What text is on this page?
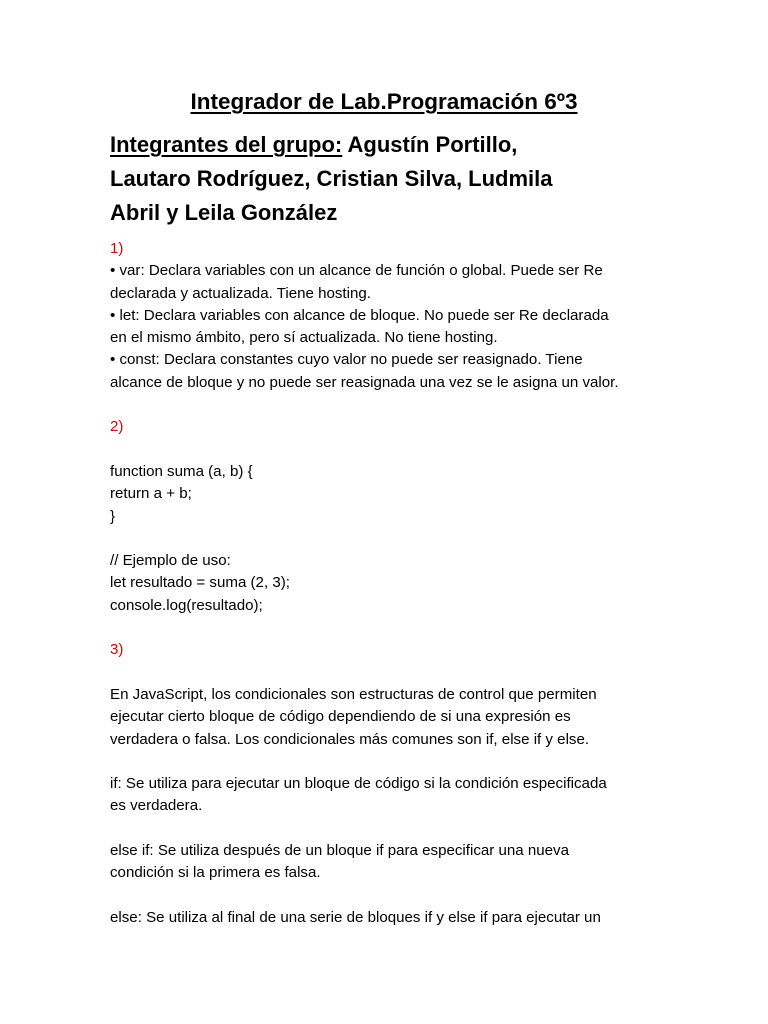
Integrador de Lab.Programación 6º3
Integrantes del grupo: Agustín Portillo,
Lautaro Rodríguez, Cristian Silva, Ludmila
Abril y Leila González

1)

• var: Declara variables con un alcance de función o global. Puede ser Re

declarada y actualizada. Tiene hosting.

• let: Declara variables con alcance de bloque. No puede ser Re declarada

en el mismo ámbito, pero sí actualizada. No tiene hosting.

• const: Declara constantes cuyo valor no puede ser reasignado. Tiene

alcance de bloque y no puede ser reasignada una vez se le asigna un valor.

2)

function suma (a, b) {

return a + b;

}

// Ejemplo de uso:

let resultado = suma (2, 3);

console.log(resultado);

3)

En JavaScript, los condicionales son estructuras de control que permiten

ejecutar cierto bloque de código dependiendo de si una expresión es

verdadera o falsa. Los condicionales más comunes son if, else if y else.

if: Se utiliza para ejecutar un bloque de código si la condición especificada

es verdadera.

else if: Se utiliza después de un bloque if para especificar una nueva

condición si la primera es falsa.

else: Se utiliza al final de una serie de bloques if y else if para ejecutar un
